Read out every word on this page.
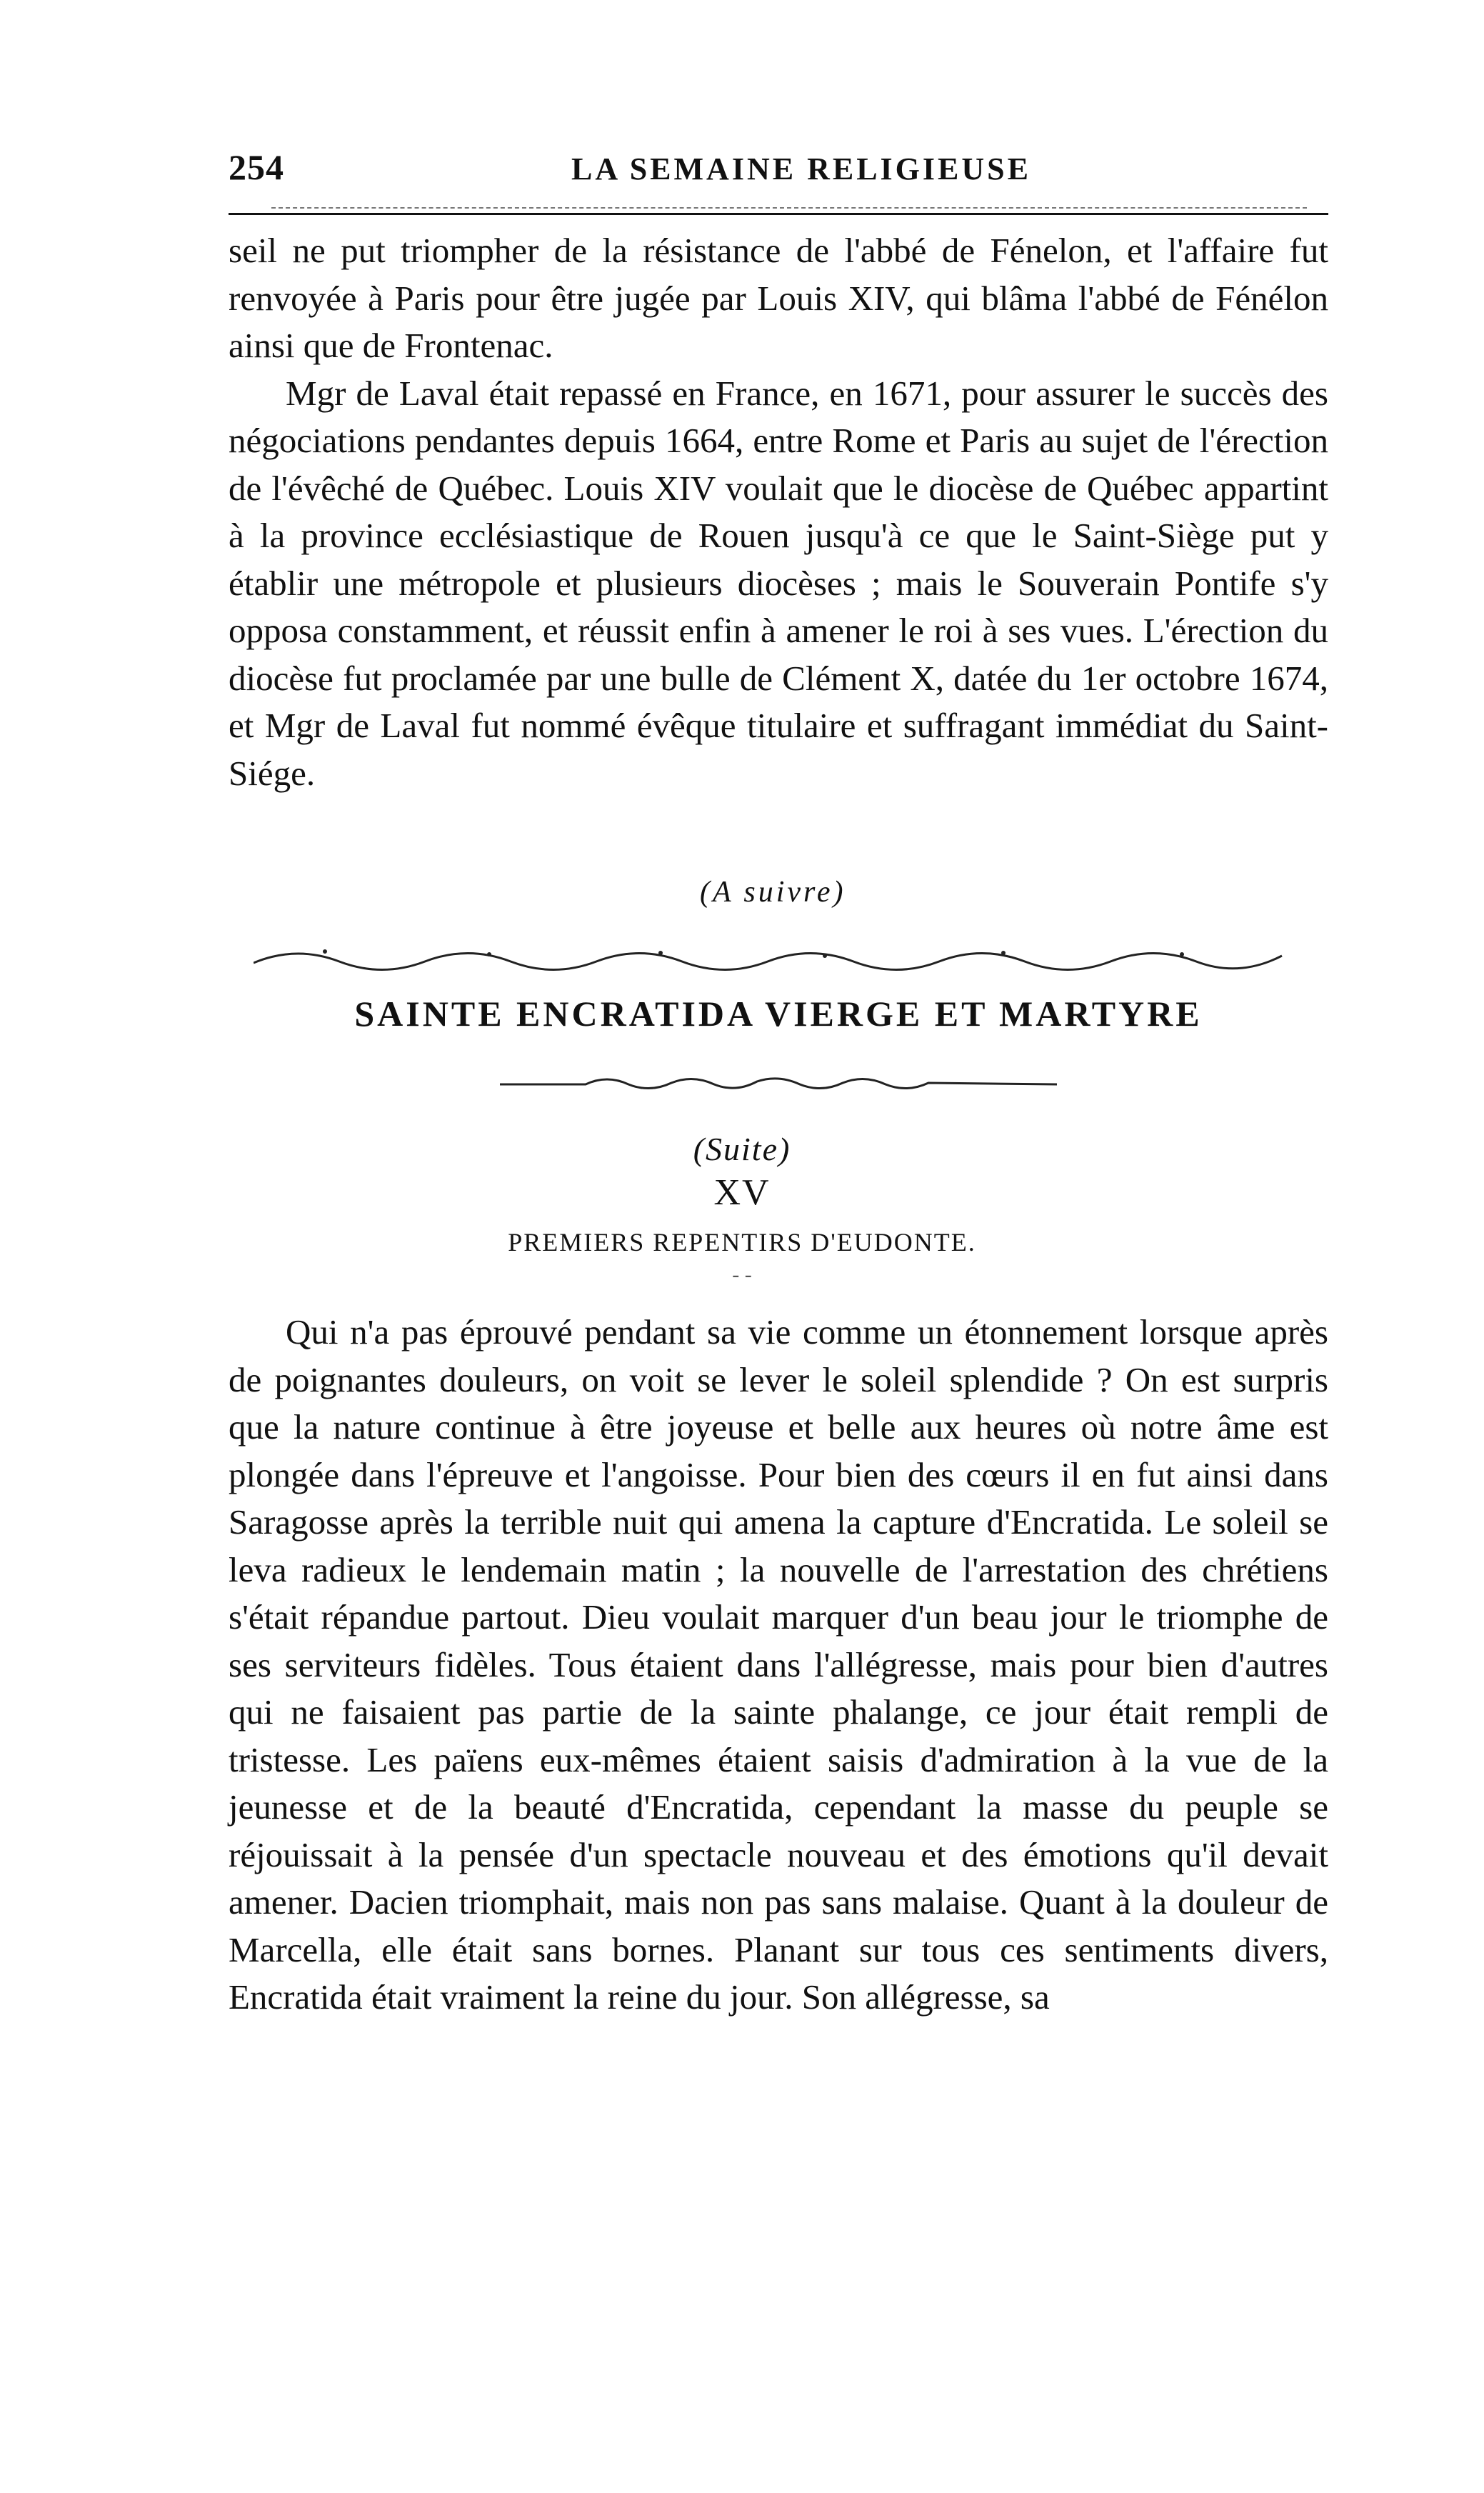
254	LA SEMAINE RELIGIEUSE

seil ne put triompher de la résistance de l'abbé de Fénelon, et l'affaire fut renvoyée à Paris pour être jugée par Louis XIV, qui blâma l'abbé de Fénélon ainsi que de Frontenac.

Mgr de Laval était repassé en France, en 1671, pour assurer le succès des négociations pendantes depuis 1664, entre Rome et Paris au sujet de l'érection de l'évêché de Québec. Louis XIV voulait que le diocèse de Québec appartint à la province ecclésiastique de Rouen jusqu'à ce que le Saint-Siège put y établir une métropole et plusieurs diocèses ; mais le Souverain Pontife s'y opposa constamment, et réussit enfin à amener le roi à ses vues. L'érection du diocèse fut proclamée par une bulle de Clément X, datée du 1er octobre 1674, et Mgr de Laval fut nommé évêque titulaire et suffragant immédiat du Saint-Siége.

(A suivre)
SAINTE ENCRATIDA VIERGE ET MARTYRE
(Suite)
XV
PREMIERS REPENTIRS D'EUDONTE.
- -

Qui n'a pas éprouvé pendant sa vie comme un étonnement lorsque après de poignantes douleurs, on voit se lever le soleil splendide ? On est surpris que la nature continue à être joyeuse et belle aux heures où notre âme est plongée dans l'épreuve et l'angoisse. Pour bien des cœurs il en fut ainsi dans Saragosse après la terrible nuit qui amena la capture d'Encratida. Le soleil se leva radieux le lendemain matin ; la nouvelle de l'arrestation des chrétiens s'était répandue partout. Dieu voulait marquer d'un beau jour le triomphe de ses serviteurs fidèles. Tous étaient dans l'allégresse, mais pour bien d'autres qui ne faisaient pas partie de la sainte phalange, ce jour était rempli de tristesse. Les païens eux-mêmes étaient saisis d'admiration à la vue de la jeunesse et de la beauté d'Encratida, cependant la masse du peuple se réjouissait à la pensée d'un spectacle nouveau et des émotions qu'il devait amener. Dacien triomphait, mais non pas sans malaise. Quant à la douleur de Marcella, elle était sans bornes. Planant sur tous ces sentiments divers, Encratida était vraiment la reine du jour. Son allégresse, sa
